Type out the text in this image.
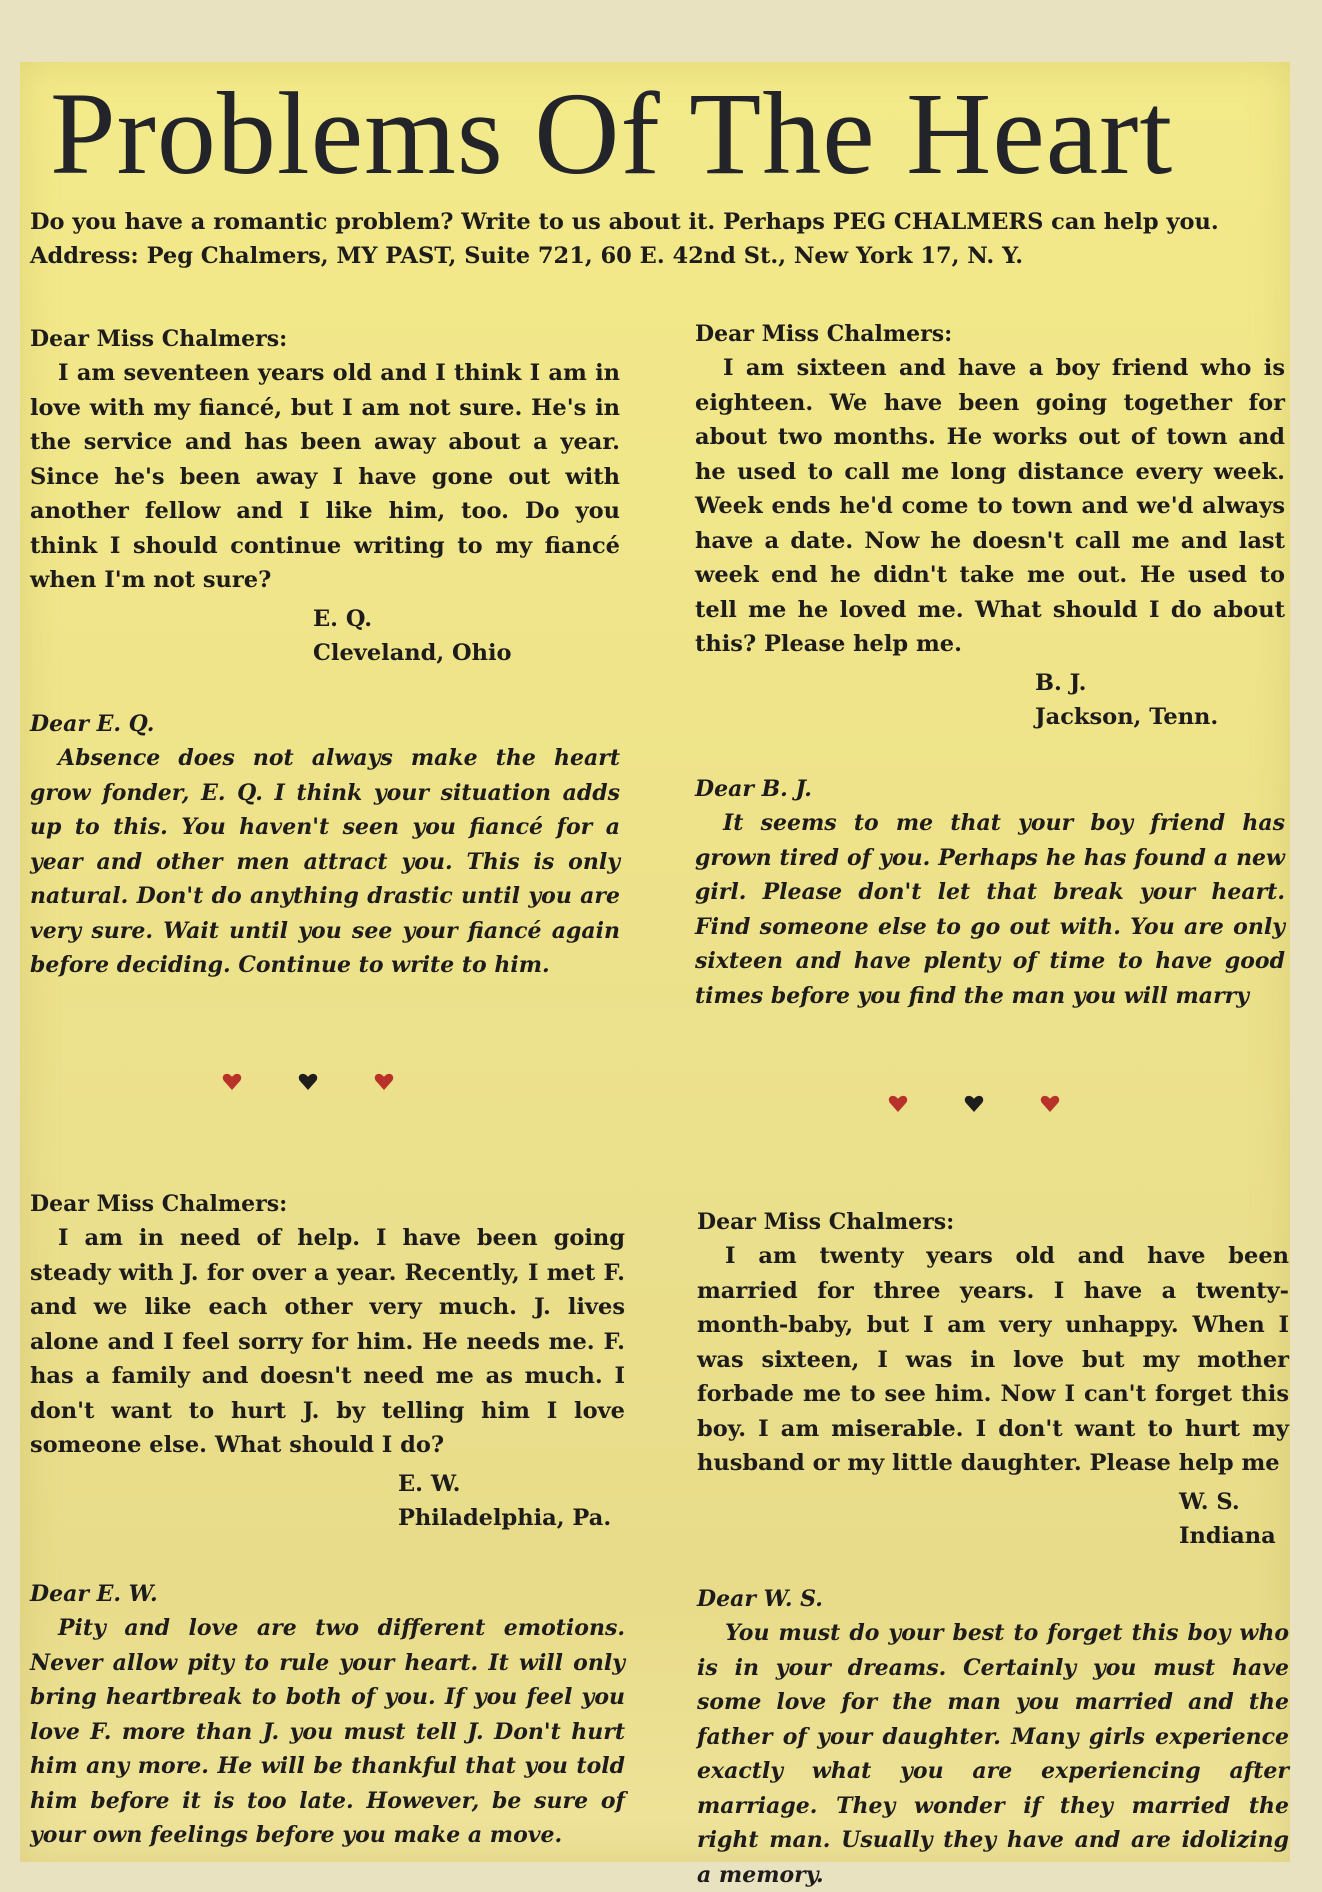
Problems Of The Heart
Do you have a romantic problem? Write to us about it. Perhaps PEG CHALMERS can help you.
Address: Peg Chalmers, MY PAST, Suite 721, 60 E. 42nd St., New York 17, N. Y.

Dear Miss Chalmers:

I am seventeen years old and I think I am in love with my fiancé, but I am not sure. He's in the service and has been away about a year. Since he's been away I have gone out with another fellow and I like him, too. Do you think I should continue writing to my fiancé when I'm not sure?

E. Q.

Cleveland, Ohio

Dear E. Q.

Absence does not always make the heart grow fonder, E. Q. I think your situation adds up to this. You haven't seen you fiancé for a year and other men attract you. This is only natural. Don't do anything drastic until you are very sure. Wait until you see your fiancé again before deciding. Continue to write to him.

Dear Miss Chalmers:

I am sixteen and have a boy friend who is eighteen. We have been going together for about two months. He works out of town and he used to call me long distance every week. Week ends he'd come to town and we'd always have a date. Now he doesn't call me and last week end he didn't take me out. He used to tell me he loved me. What should I do about this? Please help me.

B. J.

Jackson, Tenn.

Dear B. J.

It seems to me that your boy friend has grown tired of you. Perhaps he has found a new girl. Please don't let that break your heart. Find someone else to go out with. You are only sixteen and have plenty of time to have good times before you find the man you will marry

Dear Miss Chalmers:

I am in need of help. I have been going steady with J. for over a year. Recently, I met F. and we like each other very much. J. lives alone and I feel sorry for him. He needs me. F. has a family and doesn't need me as much. I don't want to hurt J. by telling him I love someone else. What should I do?

E. W.

Philadelphia, Pa.

Dear E. W.

Pity and love are two different emotions. Never allow pity to rule your heart. It will only bring heartbreak to both of you. If you feel you love F. more than J. you must tell J. Don't hurt him any more. He will be thankful that you told him before it is too late. However, be sure of your own feelings before you make a move.

Dear Miss Chalmers:

I am twenty years old and have been married for three years. I have a twenty-month-baby, but I am very unhappy. When I was sixteen, I was in love but my mother forbade me to see him. Now I can't forget this boy. I am miserable. I don't want to hurt my husband or my little daughter. Please help me

W. S.

Indiana

Dear W. S.

You must do your best to forget this boy who is in your dreams. Certainly you must have some love for the man you married and the father of your daughter. Many girls experience exactly what you are experiencing after marriage. They wonder if they married the right man. Usually they have and are idolizing a memory.
